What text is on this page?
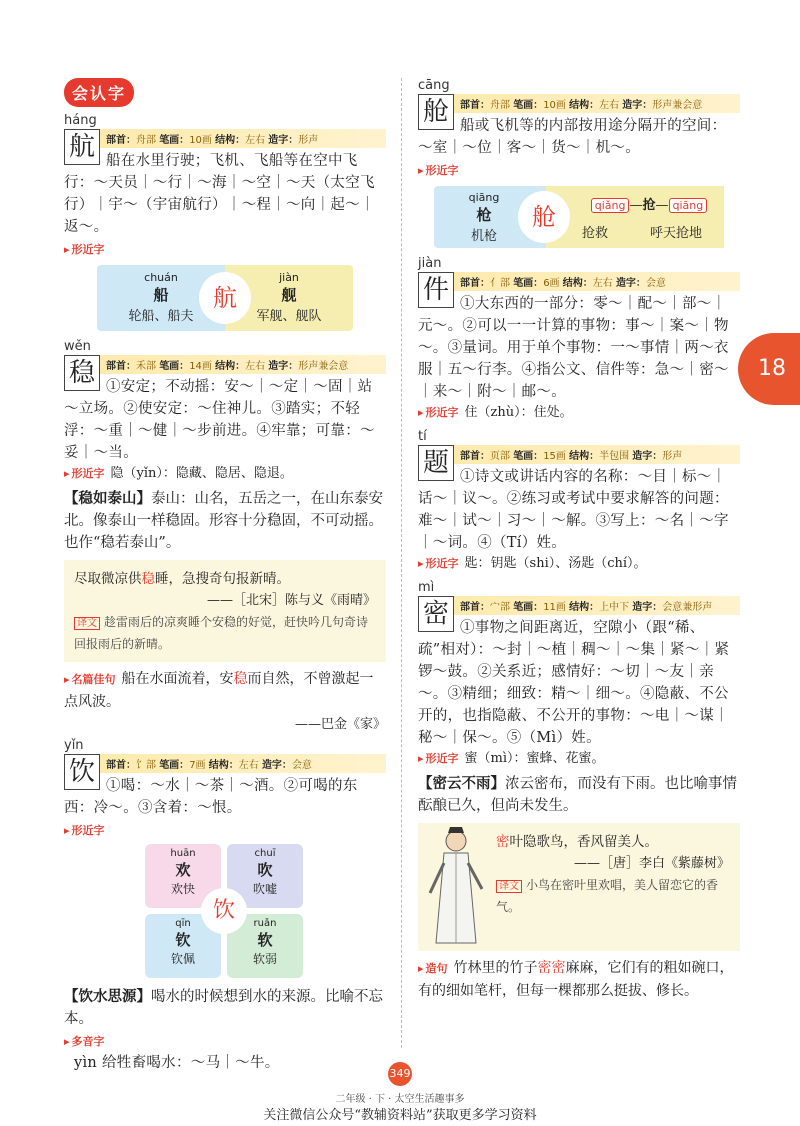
会认字
háng
航	部首：舟部 笔画：10画 结构：左右 造字：形声
船在水里行驶；飞机、飞船等在空中飞行：～天员｜～行｜～海｜～空｜～天（太空飞行）｜宇～（宇宙航行）｜～程｜～向｜起～｜返～。
▸ 形近字
chuán
船
轮船、船夫
jiàn
舰
军舰、舰队
航
wěn
稳	部首：禾部 笔画：14画 结构：左右 造字：形声兼会意
①安定；不动摇：安～｜～定｜～固｜站～立场。②使安定：～住神儿。③踏实；不轻浮：～重｜～健｜～步前进。④牢靠；可靠：～妥｜～当。
▸ 形近字 隐（yǐn）：隐藏、隐居、隐退。
【稳如泰山】泰山：山名，五岳之一，在山东泰安北。像泰山一样稳固。形容十分稳固，不可动摇。也作“稳若泰山”。
尽取微凉供稳睡，急搜奇句报新晴。
——［北宋］陈与义《雨晴》
译文 趁雷雨后的凉爽睡个安稳的好觉，赶快吟几句奇诗回报雨后的新晴。
▸ 名篇佳句 船在水面流着，安稳而自然，不曾激起一点风波。
——巴金《家》
yǐn
饮	部首：饣部 笔画：7画 结构：左右 造字：会意
①喝：～水｜～茶｜～酒。②可喝的东西：冷～。③含着：～恨。
▸ 形近字
huān
欢
欢快
chuī
吹
吹嘘
qīn
钦
钦佩
ruǎn
软
软弱
饮
【饮水思源】喝水的时候想到水的来源。比喻不忘本。
▸ 多音字
yìn 给牲畜喝水：～马｜～牛。
cāng
舱	部首：舟部 笔画：10画 结构：左右 造字：形声兼会意
船或飞机等的内部按用途分隔开的空间：～室｜～位｜客～｜货～｜机～。
▸ 形近字
qiāng
枪
机枪
舱	qiǎng —抢— qiāng
抢救	呼天抢地
jiàn
件	部首：亻部 笔画：6画 结构：左右 造字：会意
①大东西的一部分：零～｜配～｜部～｜元～。②可以一一计算的事物：事～｜案～｜物～。③量词。用于单个事物：一～事情｜两～衣服｜五～行李。④指公文、信件等：急～｜密～｜来～｜附～｜邮～。
▸ 形近字 住（zhù）：住处。
tí
题	部首：页部 笔画：15画 结构：半包围 造字：形声
①诗文或讲话内容的名称：～目｜标～｜话～｜议～。②练习或考试中要求解答的问题：难～｜试～｜习～｜～解。③写上：～名｜～字｜～词。④（Tí）姓。
▸ 形近字 匙：钥匙（shi）、汤匙（chí）。
mì
密	部首：宀部 笔画：11画 结构：上中下 造字：会意兼形声
①事物之间距离近，空隙小（跟“稀、疏”相对）：～封｜～植｜稠～｜～集｜紧～｜紧锣～鼓。②关系近；感情好：～切｜～友｜亲～。③精细；细致：精～｜细～。④隐蔽、不公开的，也指隐蔽、不公开的事物：～电｜～谋｜秘～｜保～。⑤（Mì）姓。
▸ 形近字 蜜（mì）：蜜蜂、花蜜。
【密云不雨】浓云密布，而没有下雨。也比喻事情酝酿已久，但尚未发生。
密叶隐歌鸟，香风留美人。
——［唐］李白《紫藤树》
译文 小鸟在密叶里欢唱，美人留恋它的香气。
▸ 造句 竹林里的竹子密密麻麻，它们有的粗如碗口，有的细如笔杆，但每一棵都那么挺拔、修长。
18
349
二年级 · 下 · 太空生活趣事多
关注微信公众号“教辅资料站”获取更多学习资料
